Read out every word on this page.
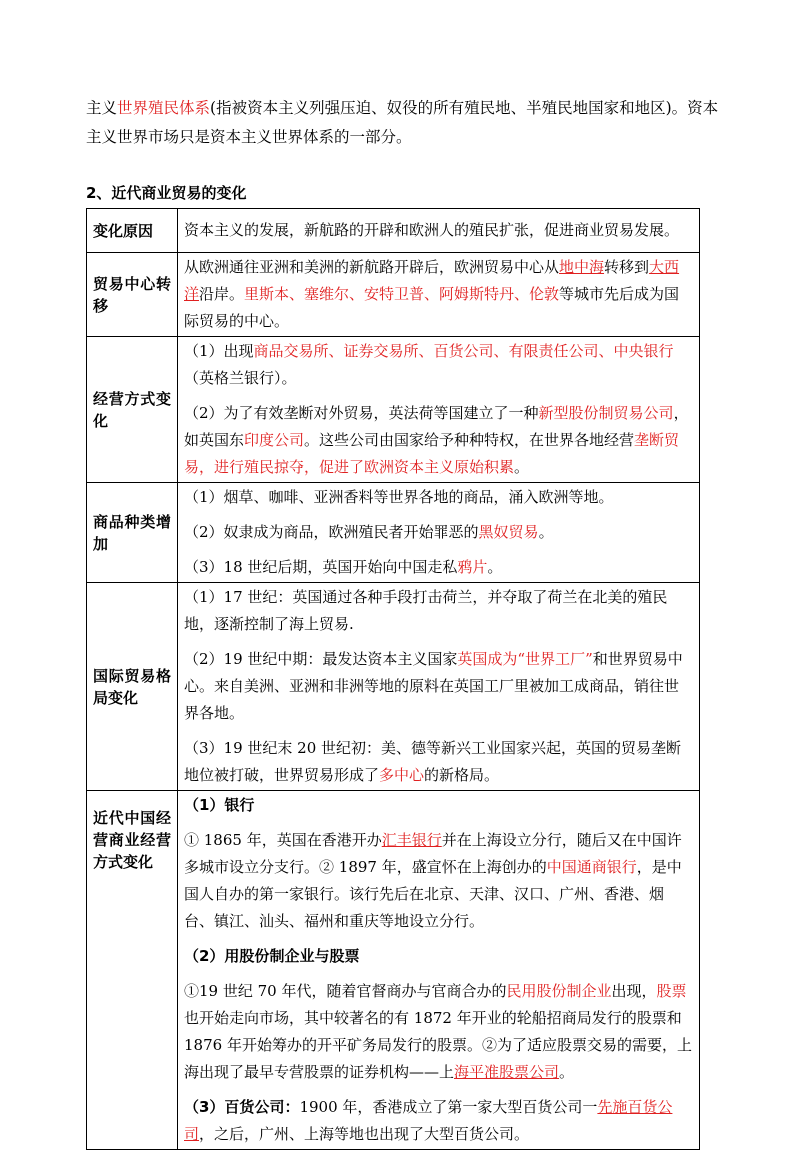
主义世界殖民体系(指被资本主义列强压迫、奴役的所有殖民地、半殖民地国家和地区)。资本主义世界市场只是资本主义世界体系的一部分。
2、近代商业贸易的变化
变化原因	资本主义的发展，新航路的开辟和欧洲人的殖民扩张，促进商业贸易发展。

贸易中心转移	从欧洲通往亚洲和美洲的新航路开辟后，欧洲贸易中心从地中海转移到大西洋沿岸。里斯本、塞维尔、安特卫普、阿姆斯特丹、伦敦等城市先后成为国际贸易的中心。

经营方式变化	（1）出现商品交易所、证券交易所、百货公司、有限责任公司、中央银行（英格兰银行）。

（2）为了有效垄断对外贸易，英法荷等国建立了一种新型股份制贸易公司，如英国东印度公司。这些公司由国家给予种种特权，在世界各地经营垄断贸易，进行殖民掠夺，促进了欧洲资本主义原始积累。

商品种类增加	（1）烟草、咖啡、亚洲香料等世界各地的商品，涌入欧洲等地。

（2）奴隶成为商品，欧洲殖民者开始罪恶的黑奴贸易。

（3）18 世纪后期，英国开始向中国走私鸦片。

国际贸易格局变化	（1）17 世纪：英国通过各种手段打击荷兰，并夺取了荷兰在北美的殖民地，逐渐控制了海上贸易.

（2）19 世纪中期：最发达资本主义国家英国成为“世界工厂”和世界贸易中心。来自美洲、亚洲和非洲等地的原料在英国工厂里被加工成商品，销往世界各地。

（3）19 世纪末 20 世纪初：美、德等新兴工业国家兴起，英国的贸易垄断地位被打破，世界贸易形成了多中心的新格局。

近代中国经营商业经营方式变化	（1）银行

① 1865 年，英国在香港开办汇丰银行并在上海设立分行，随后又在中国许多城市设立分支行。② 1897 年，盛宣怀在上海创办的中国通商银行，是中国人自办的第一家银行。该行先后在北京、天津、汉口、广州、香港、烟台、镇江、汕头、福州和重庆等地设立分行。

（2）用股份制企业与股票

①19 世纪 70 年代，随着官督商办与官商合办的民用股份制企业出现，股票也开始走向市场，其中较著名的有 1872 年开业的轮船招商局发行的股票和 1876 年开始筹办的开平矿务局发行的股票。②为了适应股票交易的需要，上海出现了最早专营股票的证券机构——上海平准股票公司。

（3）百货公司：1900 年，香港成立了第一家大型百货公司一先施百货公司，之后，广州、上海等地也出现了大型百货公司。
